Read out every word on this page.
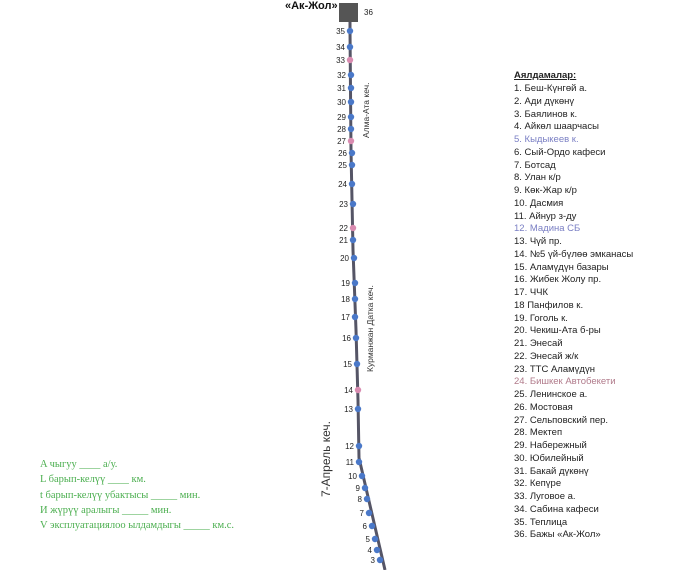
35
34
33
32
31
30
29
28
27
26
25
24
23
22
21
20
19
18
17
16
15
14
13
12
11
10
9
8
7
6
5
4
3
Алма-Ата кеч.
Курманжан Датка кеч.
7-Апрель кеч.
«Ак-Жол»
36
Аялдамалар:
1. Беш-Күнгөй а.
2. Ади дүкөнү
3. Баялинов к.
4. Айкөл шаарчасы
5. Кыдыкеев к.
6. Сый-Ордо кафеси
7. Ботсад
8. Улан к/р
9. Көк-Жар к/р
10. Дасмия
11. Айнур з-ду
12. Мадина СБ
13. Чүй пр.
14. №5 үй-бүлөө эмканасы
15. Аламүдүн базары
16. Жибек Жолу пр.
17. ЧЧК
18 Панфилов к.
19. Гоголь к.
20. Чекиш-Ата б-ры
21. Энесай
22. Энесай ж/к
23. ТТС Аламүдүн
24. Бишкек Автобекети
25. Ленинское а.
26. Мостовая
27. Сельповский пер.
28. Мектеп
29. Набережный
30. Юбилейный
31. Бакай дүкөнү
32. Кепүре
33. Луговое а.
34. Сабина кафеси
35. Теплица
36. Бажы «Ак-Жол»
A чыгуу ____ а/у.
L барып-келүү ____ км.
t барып-келүү убактысы _____ мин.
И жүрүү аралыгы _____ мин.
V эксплуатациялоо ылдамдыгы _____ км.с.
